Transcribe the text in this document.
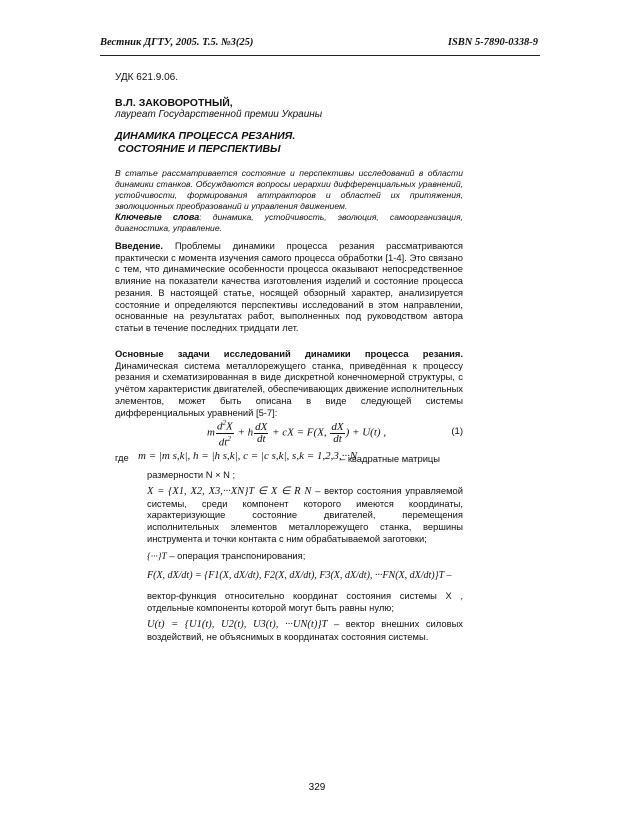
Вестник ДГТУ, 2005. Т.5. №3(25)	ISBN 5-7890-0338-9
УДК 621.9.06.
В.Л. ЗАКОВОРОТНЫЙ,
лауреат Государственной премии Украины
ДИНАМИКА ПРОЦЕССА РЕЗАНИЯ.
СОСТОЯНИЕ И ПЕРСПЕКТИВЫ
В статье рассматривается состояние и перспективы исследований в области динамики станков. Обсуждаются вопросы иерархии дифференциальных уравнений, устойчивости, формирования аттракторов и областей их притяжения, эволюционных преобразований и управления движением.
Ключевые слова: динамика, устойчивость, эволюция, самоорганизация, диагностика, управление.
Введение. Проблемы динамики процесса резания рассматриваются практически с момента изучения самого процесса обработки [1-4]. Это связано с тем, что динамические особенности процесса оказывают непосредственное влияние на показатели качества изготовления изделий и состояние процесса резания. В настоящей статье, носящей обзорный характер, анализируется состояние и определяются перспективы исследований в этом направлении, основанные на результатах работ, выполненных под руководством автора статьи в течение последних тридцати лет.
Основные задачи исследований динамики процесса резания. Динамическая система металлорежущего станка, приведённая к процессу резания и схематизированная в виде дискретной конечномерной структуры, с учётом характеристик двигателей, обеспечивающих движение исполнительных элементов, может быть описана в виде следующей системы дифференциальных уравнений [5-7]:
m $\frac{d^2X}{dt^2} + h \frac{dX}{dt}$ + cX = F(X, $\frac{dX}{dt}$ ) + U(t) ,	(1)
где m = |m s,k|, h = |h s,k|, c = |c s,k|, s,k = 1,2,3,···N
– квадратные матрицы
размерности N × N ;
X = {X1, X2, X3,···XN}T ∈ X ∈ R N – вектор состояния управляемой системы, среди компонент которого имеются координаты, характеризующие состояние двигателей, перемещения исполнительных элементов металлорежущего станка, вершины инструмента и точки контакта с ним обрабатываемой заготовки;
{···}T – операция транспонирования;
F(X, dX/dt) = {F1(X, dX/dt), F2(X, dX/dt), F3(X, dX/dt), ···FN(X, dX/dt)}T –
вектор-функция относительно координат состояния системы X , отдельные компоненты которой могут быть равны нулю;
U(t) = {U1(t), U2(t), U3(t), ···UN(t)}T – вектор внешних силовых воздействий, не объяснимых в координатах состояния системы.
329
